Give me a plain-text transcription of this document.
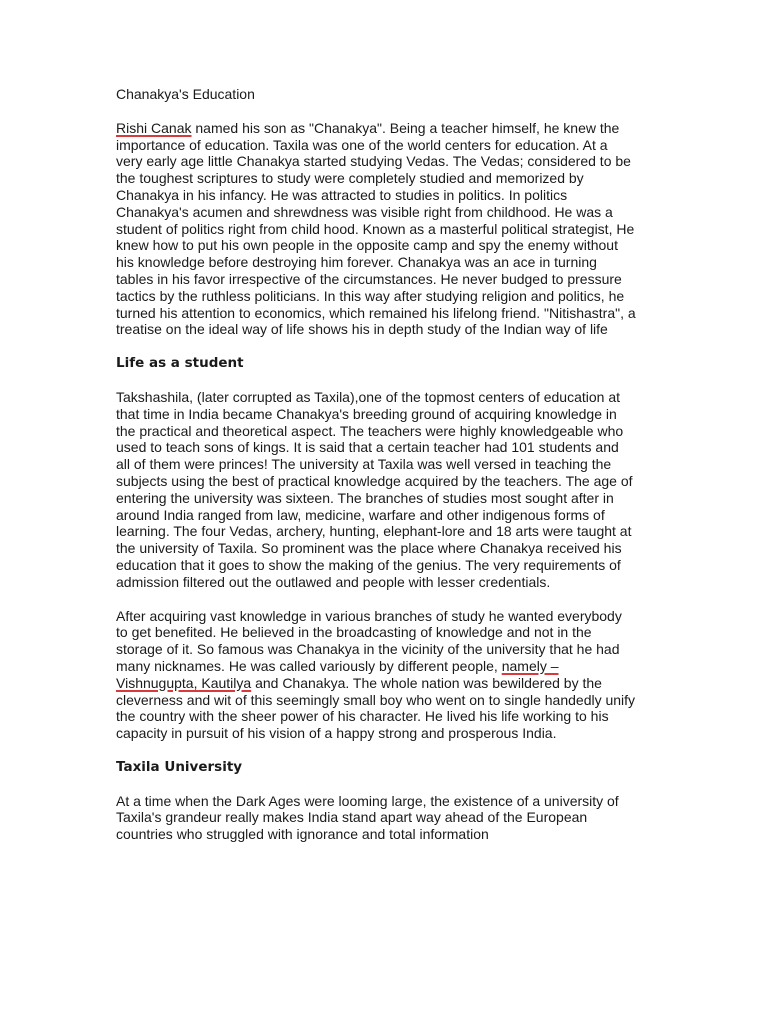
Chanakya's Education

Rishi Canak named his son as "Chanakya". Being a teacher himself, he knew the importance of education. Taxila was one of the world centers for education. At a very early age little Chanakya started studying Vedas. The Vedas; considered to be the toughest scriptures to study were completely studied and memorized by Chanakya in his infancy. He was attracted to studies in politics. In politics Chanakya's acumen and shrewdness was visible right from childhood. He was a student of politics right from child hood. Known as a masterful political strategist, He knew how to put his own people in the opposite camp and spy the enemy without his knowledge before destroying him forever. Chanakya was an ace in turning tables in his favor irrespective of the circumstances. He never budged to pressure tactics by the ruthless politicians. In this way after studying religion and politics, he turned his attention to economics, which remained his lifelong friend. "Nitishastra", a treatise on the ideal way of life shows his in depth study of the Indian way of life

Life as a student

Takshashila, (later corrupted as Taxila),one of the topmost centers of education at that time in India became Chanakya's breeding ground of acquiring knowledge in the practical and theoretical aspect. The teachers were highly knowledgeable who used to teach sons of kings. It is said that a certain teacher had 101 students and all of them were princes! The university at Taxila was well versed in teaching the subjects using the best of practical knowledge acquired by the teachers. The age of entering the university was sixteen. The branches of studies most sought after in around India ranged from law, medicine, warfare and other indigenous forms of learning. The four Vedas, archery, hunting, elephant-lore and 18 arts were taught at the university of Taxila. So prominent was the place where Chanakya received his education that it goes to show the making of the genius. The very requirements of admission filtered out the outlawed and people with lesser credentials.

After acquiring vast knowledge in various branches of study he wanted everybody to get benefited. He believed in the broadcasting of knowledge and not in the storage of it. So famous was Chanakya in the vicinity of the university that he had many nicknames. He was called variously by different people, namely – Vishnugupta, Kautilya and Chanakya. The whole nation was bewildered by the cleverness and wit of this seemingly small boy who went on to single handedly unify the country with the sheer power of his character. He lived his life working to his capacity in pursuit of his vision of a happy strong and prosperous India.

Taxila University

At a time when the Dark Ages were looming large, the existence of a university of Taxila's grandeur really makes India stand apart way ahead of the European countries who struggled with ignorance and total information
